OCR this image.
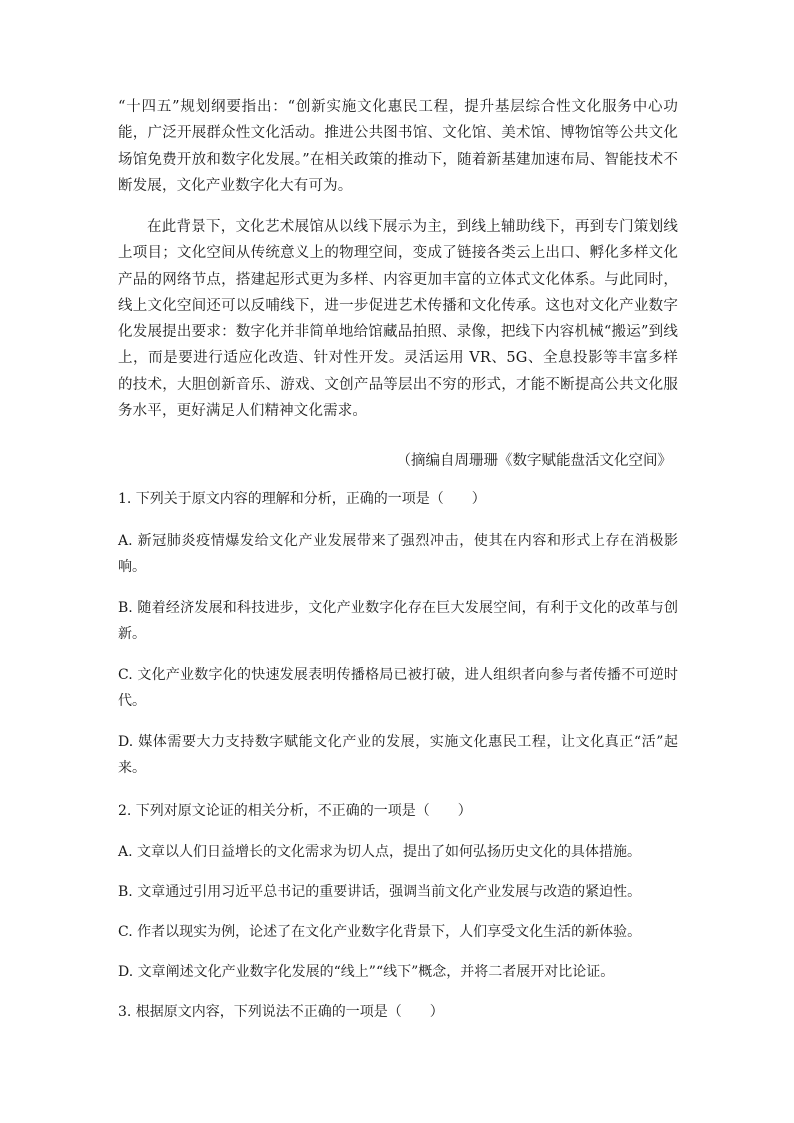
“十四五”规划纲要指出：“创新实施文化惠民工程，提升基层综合性文化服务中心功能，广泛开展群众性文化活动。推进公共图书馆、文化馆、美术馆、博物馆等公共文化场馆免费开放和数字化发展。”在相关政策的推动下，随着新基建加速布局、智能技术不断发展，文化产业数字化大有可为。

在此背景下，文化艺术展馆从以线下展示为主，到线上辅助线下，再到专门策划线上项目；文化空间从传统意义上的物理空间，变成了链接各类云上出口、孵化多样文化产品的网络节点，搭建起形式更为多样、内容更加丰富的立体式文化体系。与此同时，线上文化空间还可以反哺线下，进一步促进艺术传播和文化传承。这也对文化产业数字化发展提出要求：数字化并非简单地给馆藏品拍照、录像，把线下内容机械“搬运”到线上，而是要进行适应化改造、针对性开发。灵活运用 VR、5G、全息投影等丰富多样的技术，大胆创新音乐、游戏、文创产品等层出不穷的形式，才能不断提高公共文化服务水平，更好满足人们精神文化需求。

（摘编自周珊珊《数字赋能盘活文化空间》

1. 下列关于原文内容的理解和分析，正确的一项是（　　）

A. 新冠肺炎疫情爆发给文化产业发展带来了强烈冲击，使其在内容和形式上存在消极影响。

B. 随着经济发展和科技进步，文化产业数字化存在巨大发展空间，有利于文化的改革与创新。

C. 文化产业数字化的快速发展表明传播格局已被打破，进人组织者向参与者传播不可逆时代。

D. 媒体需要大力支持数字赋能文化产业的发展，实施文化惠民工程，让文化真正“活”起来。

2. 下列对原文论证的相关分析，不正确的一项是（　　）

A. 文章以人们日益增长的文化需求为切人点，提出了如何弘扬历史文化的具体措施。

B. 文章通过引用习近平总书记的重要讲话，强调当前文化产业发展与改造的紧迫性。

C. 作者以现实为例，论述了在文化产业数字化背景下，人们享受文化生活的新体验。

D. 文章阐述文化产业数字化发展的“线上”“线下”概念，并将二者展开对比论证。

3. 根据原文内容，下列说法不正确的一项是（　　）
